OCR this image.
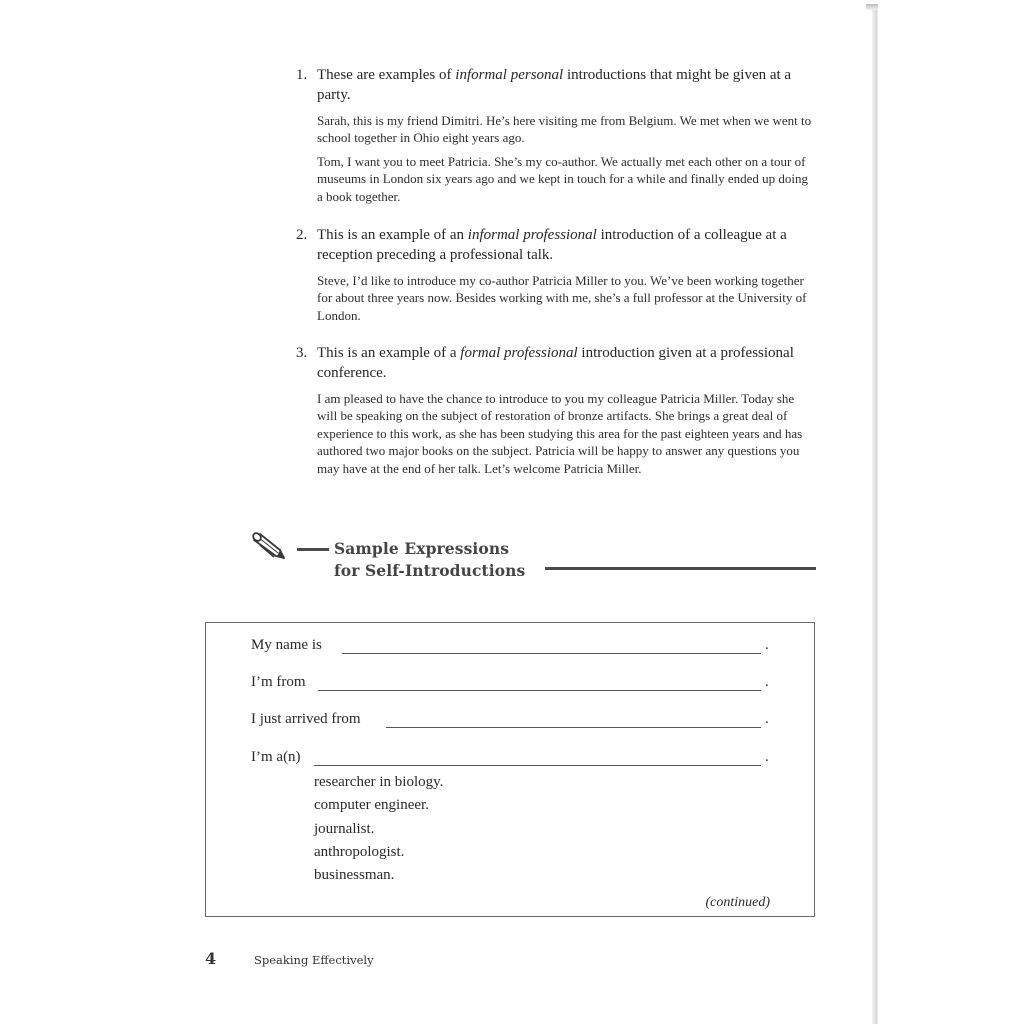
1. These are examples of informal personal introductions that might be given at a party.
Sarah, this is my friend Dimitri. He’s here visiting me from Belgium. We met when we went to school together in Ohio eight years ago.
Tom, I want you to meet Patricia. She’s my co-author. We actually met each other on a tour of museums in London six years ago and we kept in touch for a while and finally ended up doing a book together.
2. This is an example of an informal professional introduction of a colleague at a reception preceding a professional talk.
Steve, I’d like to introduce my co-author Patricia Miller to you. We’ve been working together for about three years now. Besides working with me, she’s a full professor at the University of London.
3. This is an example of a formal professional introduction given at a professional conference.
I am pleased to have the chance to introduce to you my colleague Patricia Miller. Today she will be speaking on the subject of restoration of bronze artifacts. She brings a great deal of experience to this work, as she has been studying this area for the past eighteen years and has authored two major books on the subject. Patricia will be happy to answer any questions you may have at the end of her talk. Let’s welcome Patricia Miller.
Sample Expressions
for Self-Introductions
My name is	.
I’m from	.
I just arrived from	.
I’m a(n)	.
researcher in biology.
computer engineer.
journalist.
anthropologist.
businessman.
(continued)
4	Speaking Effectively
